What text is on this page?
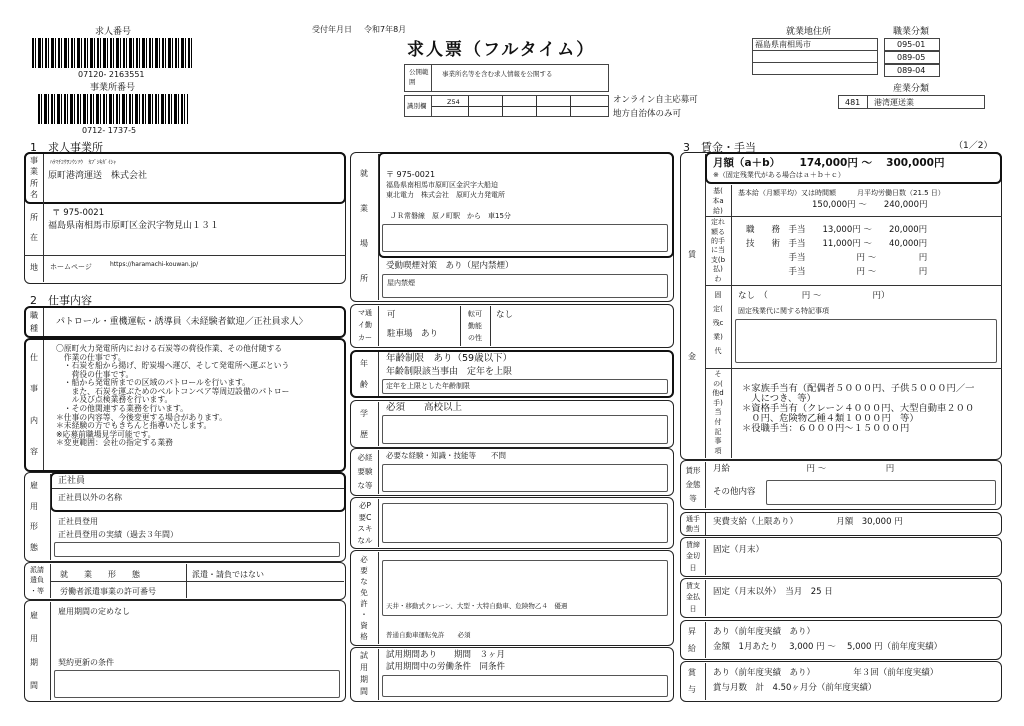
求人番号
07120- 2163551
事業所番号
0712- 1737-5
受付年月日 令和7年8月
求人票（フルタイム）
公開範囲
事業所名等を含む求人情報を公開する
識別欄	Z54	オンライン自主応募可
地方自治体のみ可
就業地住所
福島県南相馬市
職業分類
095-01
089-05
089-04
産業分類
481 港湾運送業
1　求人事業所
事
業
所
名
ﾊﾗﾏﾁｺｳﾜﾝｳﾝｿｳ　ｶﾌﾞｼｷｶﾞｲｼｬ
原町港湾運送　株式会社
所
在
〒 975-0021
福島県南相馬市原町区金沢字物見山１３１
地 ホームページ	https://haramachi-kouwan.jp/
2　仕事内容
職
種
パトロール・重機運転・誘導員〈未経験者歓迎／正社員求人〉
仕
事
内
容
〇原町火力発電所内における石炭等の荷役作業、その他付随する
　作業の仕事です。
　・石炭を船から揚げ、貯炭場へ運び、そして発電所へ運ぶという
　　荷役の仕事です。
　・船から発電所までの区域のパトロールを行います。
　　また、石炭を運ぶためのベルトコンベア等周辺設備のパトロー
　　ル及び点検業務を行います。
　・その他関連する業務を行います。
＊仕事の内容等、今後変更する場合があります。
＊未経験の方でもきちんと指導いたします。
※応募前職場見学可能です。
＊変更範囲：会社の指定する業務
雇
用
形
態
正社員
正社員以外の名称
正社員登用
正社員登用の実績（過去３年間）
派請
遣負
・等
就　　業　　形　　態	派遣・請負ではない
労働者派遣事業の許可番号
雇
用
期
間
雇用期間の定めなし
契約更新の条件
就
業
場
所
〒 975-0021
福島県南相馬市原町区金沢字大船迫
東北電力　株式会社　原町火力発電所
ＪＲ常磐線　原ノ町駅　から　車15分
受動喫煙対策　 あり（屋内禁煙）
屋内禁煙
マ通
イ勤
カー
可
駐車場　 あり
転可
勤能
の性
なし
年
齢
年齢制限　あり（59歳以下）
年齢制限該当事由　定年を上限
定年を上限とした年齢制限
学
歴
必須　　高校以上
必経
要験
な等
必要な経験・知識・技能等　　不問
必P
要C
スキ
なル
必
要
な
免
許
・
資
格
天井・移動式クレーン、大型・大特自動車、危険物乙４　優遇
普通自動車運転免許　　必須
試
用
期
間
試用期間あり　　期間　３ヶ月
試用期間中の労働条件　同条件
3　賃金・手当	（1／2）
賃
金
月額（a＋b）　　 174,000円 〜　 300,000円
※（固定残業代がある場合はａ＋ｂ＋ｃ）
基(
本a
給)
基本給（月額平均）又は時間額　　　月平均労働日数（21.5 日）
150,000円 〜　　240,000円
定れ
額る
的手
に当
支(b
払)
わ
職　　務　手当　　13,000円 〜　　20,000円
技　　術　手当　　11,000円 〜　　40,000円
　　　　　手当　　　　　　円 〜　　　　　円
　　　　　手当　　　　　　円 〜　　　　　円
固
定(
残c
業)
代
なし　（　　　　円 〜　　　　　　円）
固定残業代に関する特記事項
そ
の(
他d
手)
当
付
記
事
項
＊家族手当有（配偶者５０００円、子供５０００円／一
　人につき、等）
＊資格手当有（クレーン４０００円、大型自動車２００
　０円、危険物乙種４類１０００円　等）
＊役職手当：６０００円〜１５０００円
賃形
金態
等
月給　　　　　　　　　円 〜　　　　　　　円
その他内容
通手
勤当
実費支給（上限あり）　　　　　月額　30,000 円
賃締
金切
日
固定（月末）
賃支
金払
日
固定（月末以外）　当月　25 日
昇
給
あり（前年度実績　あり）
金額　1月あたり　 3,000 円 〜　 5,000 円（前年度実績）
賞
与
あり（前年度実績　あり）　　　　　年３回（前年度実績）
賞与月数　計　4.50ヶ月分（前年度実績）
